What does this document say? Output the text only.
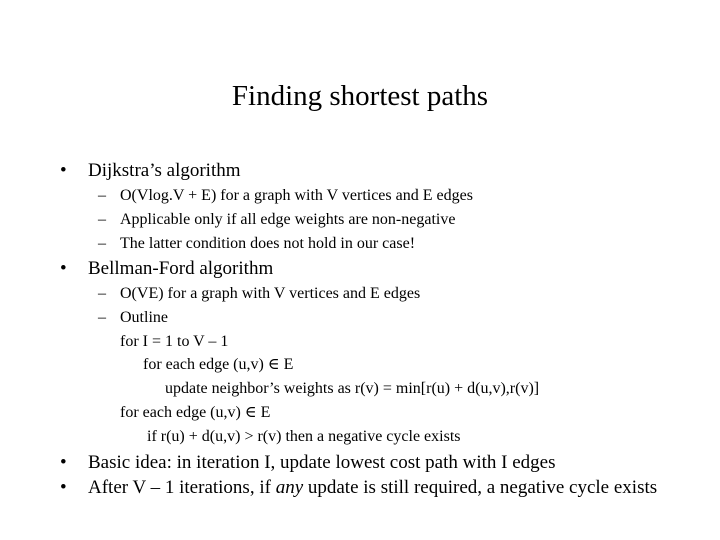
Finding shortest paths
• Dijkstra’s algorithm
– O(Vlog.V + E) for a graph with V vertices and E edges
– Applicable only if all edge weights are non-negative
– The latter condition does not hold in our case!
• Bellman-Ford algorithm
– O(VE) for a graph with V vertices and E edges
– Outline
for I = 1 to V – 1
for each edge (u,v) ∈ E
update neighbor’s weights as r(v) = min[r(u) + d(u,v),r(v)]
for each edge (u,v) ∈ E
if r(u) + d(u,v) > r(v) then a negative cycle exists
• Basic idea: in iteration I, update lowest cost path with I edges
• After V – 1 iterations, if any update is still required, a negative cycle exists
